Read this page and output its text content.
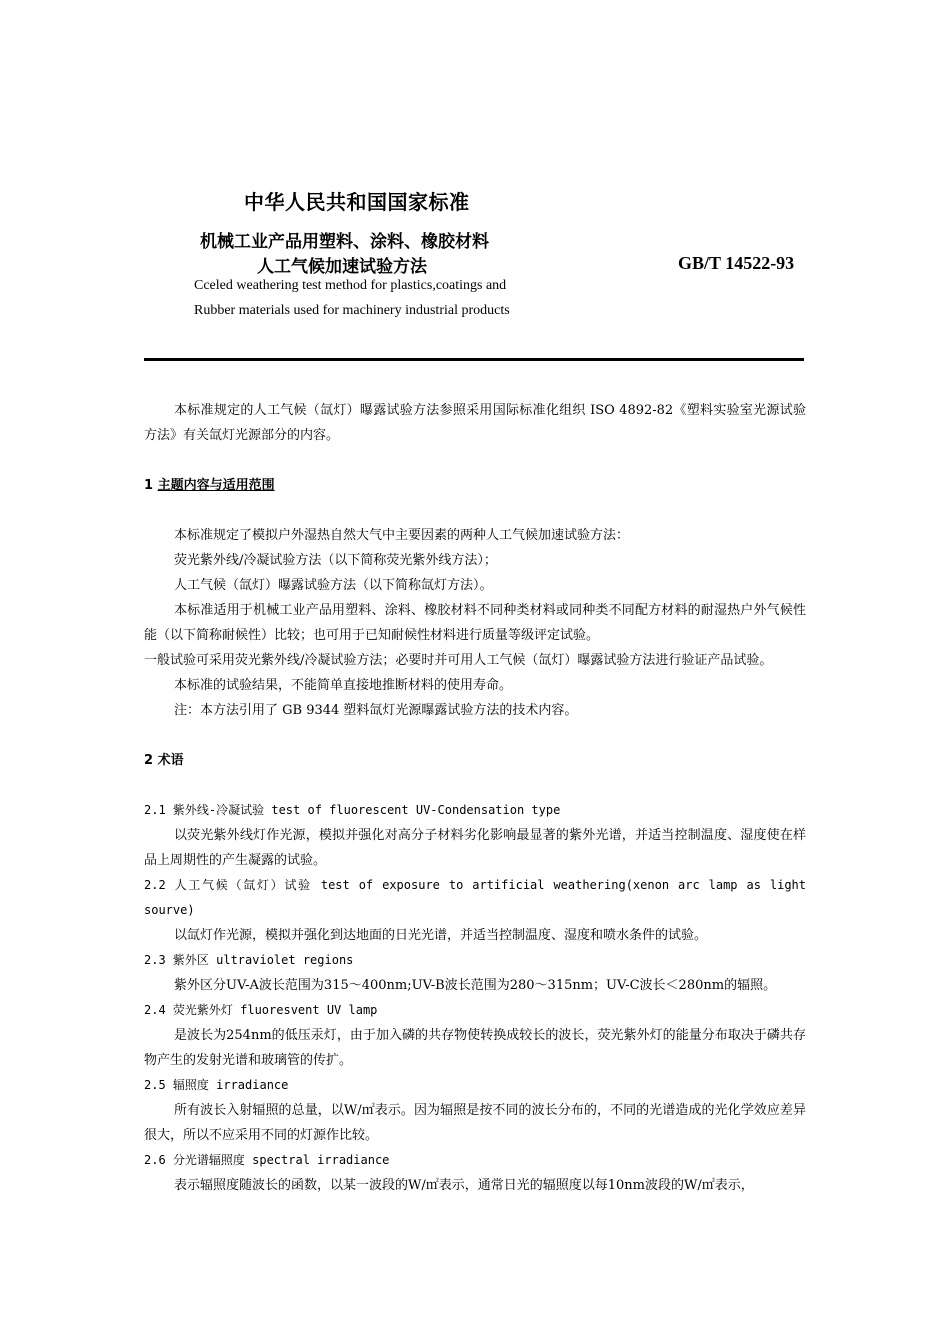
中华人民共和国国家标准
机械工业产品用塑料、涂料、橡胶材料
人工气候加速试验方法	GB/T 14522-93
Cceled weathering test method for plastics,coatings and
Rubber materials used for machinery industrial products

本标准规定的人工气候（氙灯）曝露试验方法参照采用国际标准化组织 ISO 4892-82《塑料实验室光源试验方法》有关氙灯光源部分的内容。

1 主题内容与适用范围

本标准规定了模拟户外湿热自然大气中主要因素的两种人工气候加速试验方法：

荧光紫外线/冷凝试验方法（以下简称荧光紫外线方法）；

人工气候（氙灯）曝露试验方法（以下简称氙灯方法）。

本标准适用于机械工业产品用塑料、涂料、橡胶材料不同种类材料或同种类不同配方材料的耐湿热户外气候性能（以下简称耐候性）比较；也可用于已知耐候性材料进行质量等级评定试验。

一般试验可采用荧光紫外线/冷凝试验方法；必要时并可用人工气候（氙灯）曝露试验方法进行验证产品试验。

本标准的试验结果，不能简单直接地推断材料的使用寿命。

注：本方法引用了 GB 9344 塑料氙灯光源曝露试验方法的技术内容。

2 术语

2.1 紫外线-冷凝试验 test of fluorescent UV-Condensation type

以荧光紫外线灯作光源，模拟并强化对高分子材料劣化影响最显著的紫外光谱，并适当控制温度、湿度使在样品上周期性的产生凝露的试验。

2.2 人工气候（氙灯）试验 test of exposure to artificial weathering(xenon arc lamp as light sourve)

以氙灯作光源，模拟并强化到达地面的日光光谱，并适当控制温度、湿度和喷水条件的试验。

2.3 紫外区 ultraviolet regions

紫外区分UV-A波长范围为315～400nm;UV-B波长范围为280～315nm；UV-C波长＜280nm的辐照。

2.4 荧光紫外灯 fluoresvent UV lamp

是波长为254nm的低压汞灯，由于加入磷的共存物使转换成较长的波长，荧光紫外灯的能量分布取决于磷共存物产生的发射光谱和玻璃管的传扩。

2.5 辐照度 irradiance

所有波长入射辐照的总量，以W/㎡表示。因为辐照是按不同的波长分布的，不同的光谱造成的光化学效应差异很大，所以不应采用不同的灯源作比较。

2.6 分光谱辐照度 spectral irradiance

表示辐照度随波长的函数，以某一波段的W/㎡表示，通常日光的辐照度以每10nm波段的W/㎡表示，
